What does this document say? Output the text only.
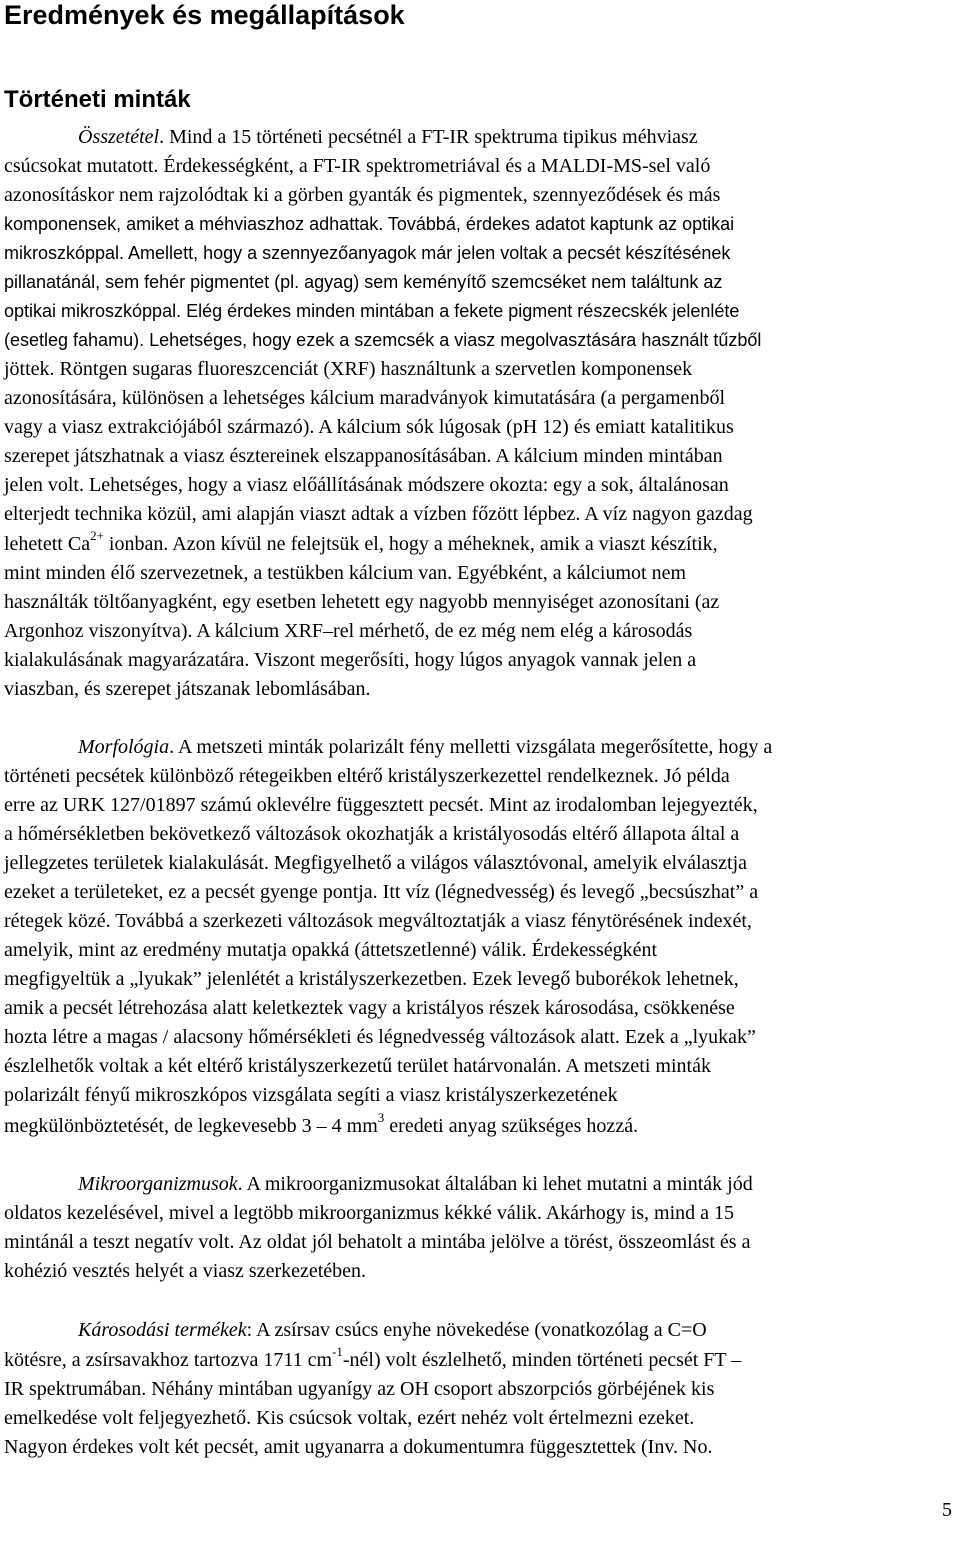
Eredmények és megállapítások
Történeti minták
Összetétel. Mind a 15 történeti pecsétnél a FT-IR spektruma tipikus méhviasz
csúcsokat mutatott. Érdekességként, a FT-IR spektrometriával és a MALDI-MS-sel való
azonosításkor nem rajzolódtak ki a görben gyanták és pigmentek, szennyeződések és más
komponensek, amiket a méhviaszhoz adhattak. Továbbá, érdekes adatot kaptunk az optikai
mikroszkóppal. Amellett, hogy a szennyezőanyagok már jelen voltak a pecsét készítésének
pillanatánál, sem fehér pigmentet (pl. agyag) sem keményítő szemcséket nem találtunk az
optikai mikroszkóppal. Elég érdekes minden mintában a fekete pigment részecskék jelenléte
(esetleg fahamu). Lehetséges, hogy ezek a szemcsék a viasz megolvasztására használt tűzből
jöttek. Röntgen sugaras fluoreszcenciát (XRF) használtunk a szervetlen komponensek
azonosítására, különösen a lehetséges kálcium maradványok kimutatására (a pergamenből
vagy a viasz extrakciójából származó). A kálcium sók lúgosak (pH 12) és emiatt katalitikus
szerepet játszhatnak a viasz észtereinek elszappanosításában. A kálcium minden mintában
jelen volt. Lehetséges, hogy a viasz előállításának módszere okozta: egy a sok, általánosan
elterjedt technika közül, ami alapján viaszt adtak a vízben főzött lépbez. A víz nagyon gazdag
lehetett $Ca^{2+}$ ionban. Azon kívül ne felejtsük el, hogy a méheknek, amik a viaszt készítik,
mint minden élő szervezetnek, a testükben kálcium van. Egyébként, a kálciumot nem
használták töltőanyagként, egy esetben lehetett egy nagyobb mennyiséget azonosítani (az
Argonhoz viszonyítva). A kálcium XRF–rel mérhető, de ez még nem elég a károsodás
kialakulásának magyarázatára. Viszont megerősíti, hogy lúgos anyagok vannak jelen a
viaszban, és szerepet játszanak lebomlásában.
Morfológia. A metszeti minták polarizált fény melletti vizsgálata megerősítette, hogy a
történeti pecsétek különböző rétegeikben eltérő kristályszerkezettel rendelkeznek. Jó példa
erre az URK 127/01897 számú oklevélre függesztett pecsét. Mint az irodalomban lejegyezték,
a hőmérsékletben bekövetkező változások okozhatják a kristályosodás eltérő állapota által a
jellegzetes területek kialakulását. Megfigyelhető a világos választóvonal, amelyik elválasztja
ezeket a területeket, ez a pecsét gyenge pontja. Itt víz (légnedvesség) és levegő „becsúszhat” a
rétegek közé. Továbbá a szerkezeti változások megváltoztatják a viasz fénytörésének indexét,
amelyik, mint az eredmény mutatja opakká (áttetszetlenné) válik. Érdekességként
megfigyeltük a „lyukak” jelenlétét a kristályszerkezetben. Ezek levegő buborékok lehetnek,
amik a pecsét létrehozása alatt keletkeztek vagy a kristályos részek károsodása, csökkenése
hozta létre a magas / alacsony hőmérsékleti és légnedvesség változások alatt. Ezek a „lyukak”
észlelhetők voltak a két eltérő kristályszerkezetű terület határvonalán. A metszeti minták
polarizált fényű mikroszkópos vizsgálata segíti a viasz kristályszerkezetének
megkülönböztetését, de legkevesebb 3 – 4 $mm^3$ eredeti anyag szükséges hozzá.
Mikroorganizmusok. A mikroorganizmusokat általában ki lehet mutatni a minták jód
oldatos kezelésével, mivel a legtöbb mikroorganizmus kékké válik. Akárhogy is, mind a 15
mintánál a teszt negatív volt. Az oldat jól behatolt a mintába jelölve a törést, összeomlást és a
kohézió vesztés helyét a viasz szerkezetében.
Károsodási termékek: A zsírsav csúcs enyhe növekedése (vonatkozólag a C=O
kötésre, a zsírsavakhoz tartozva 1711 $cm^{-1}-nél$) volt észlelhető, minden történeti pecsét FT –
IR spektrumában. Néhány mintában ugyanígy az OH csoport abszorpciós görbéjének kis
emelkedése volt feljegyezhető. Kis csúcsok voltak, ezért nehéz volt értelmezni ezeket.
Nagyon érdekes volt két pecsét, amit ugyanarra a dokumentumra függesztettek (Inv. No.
5
